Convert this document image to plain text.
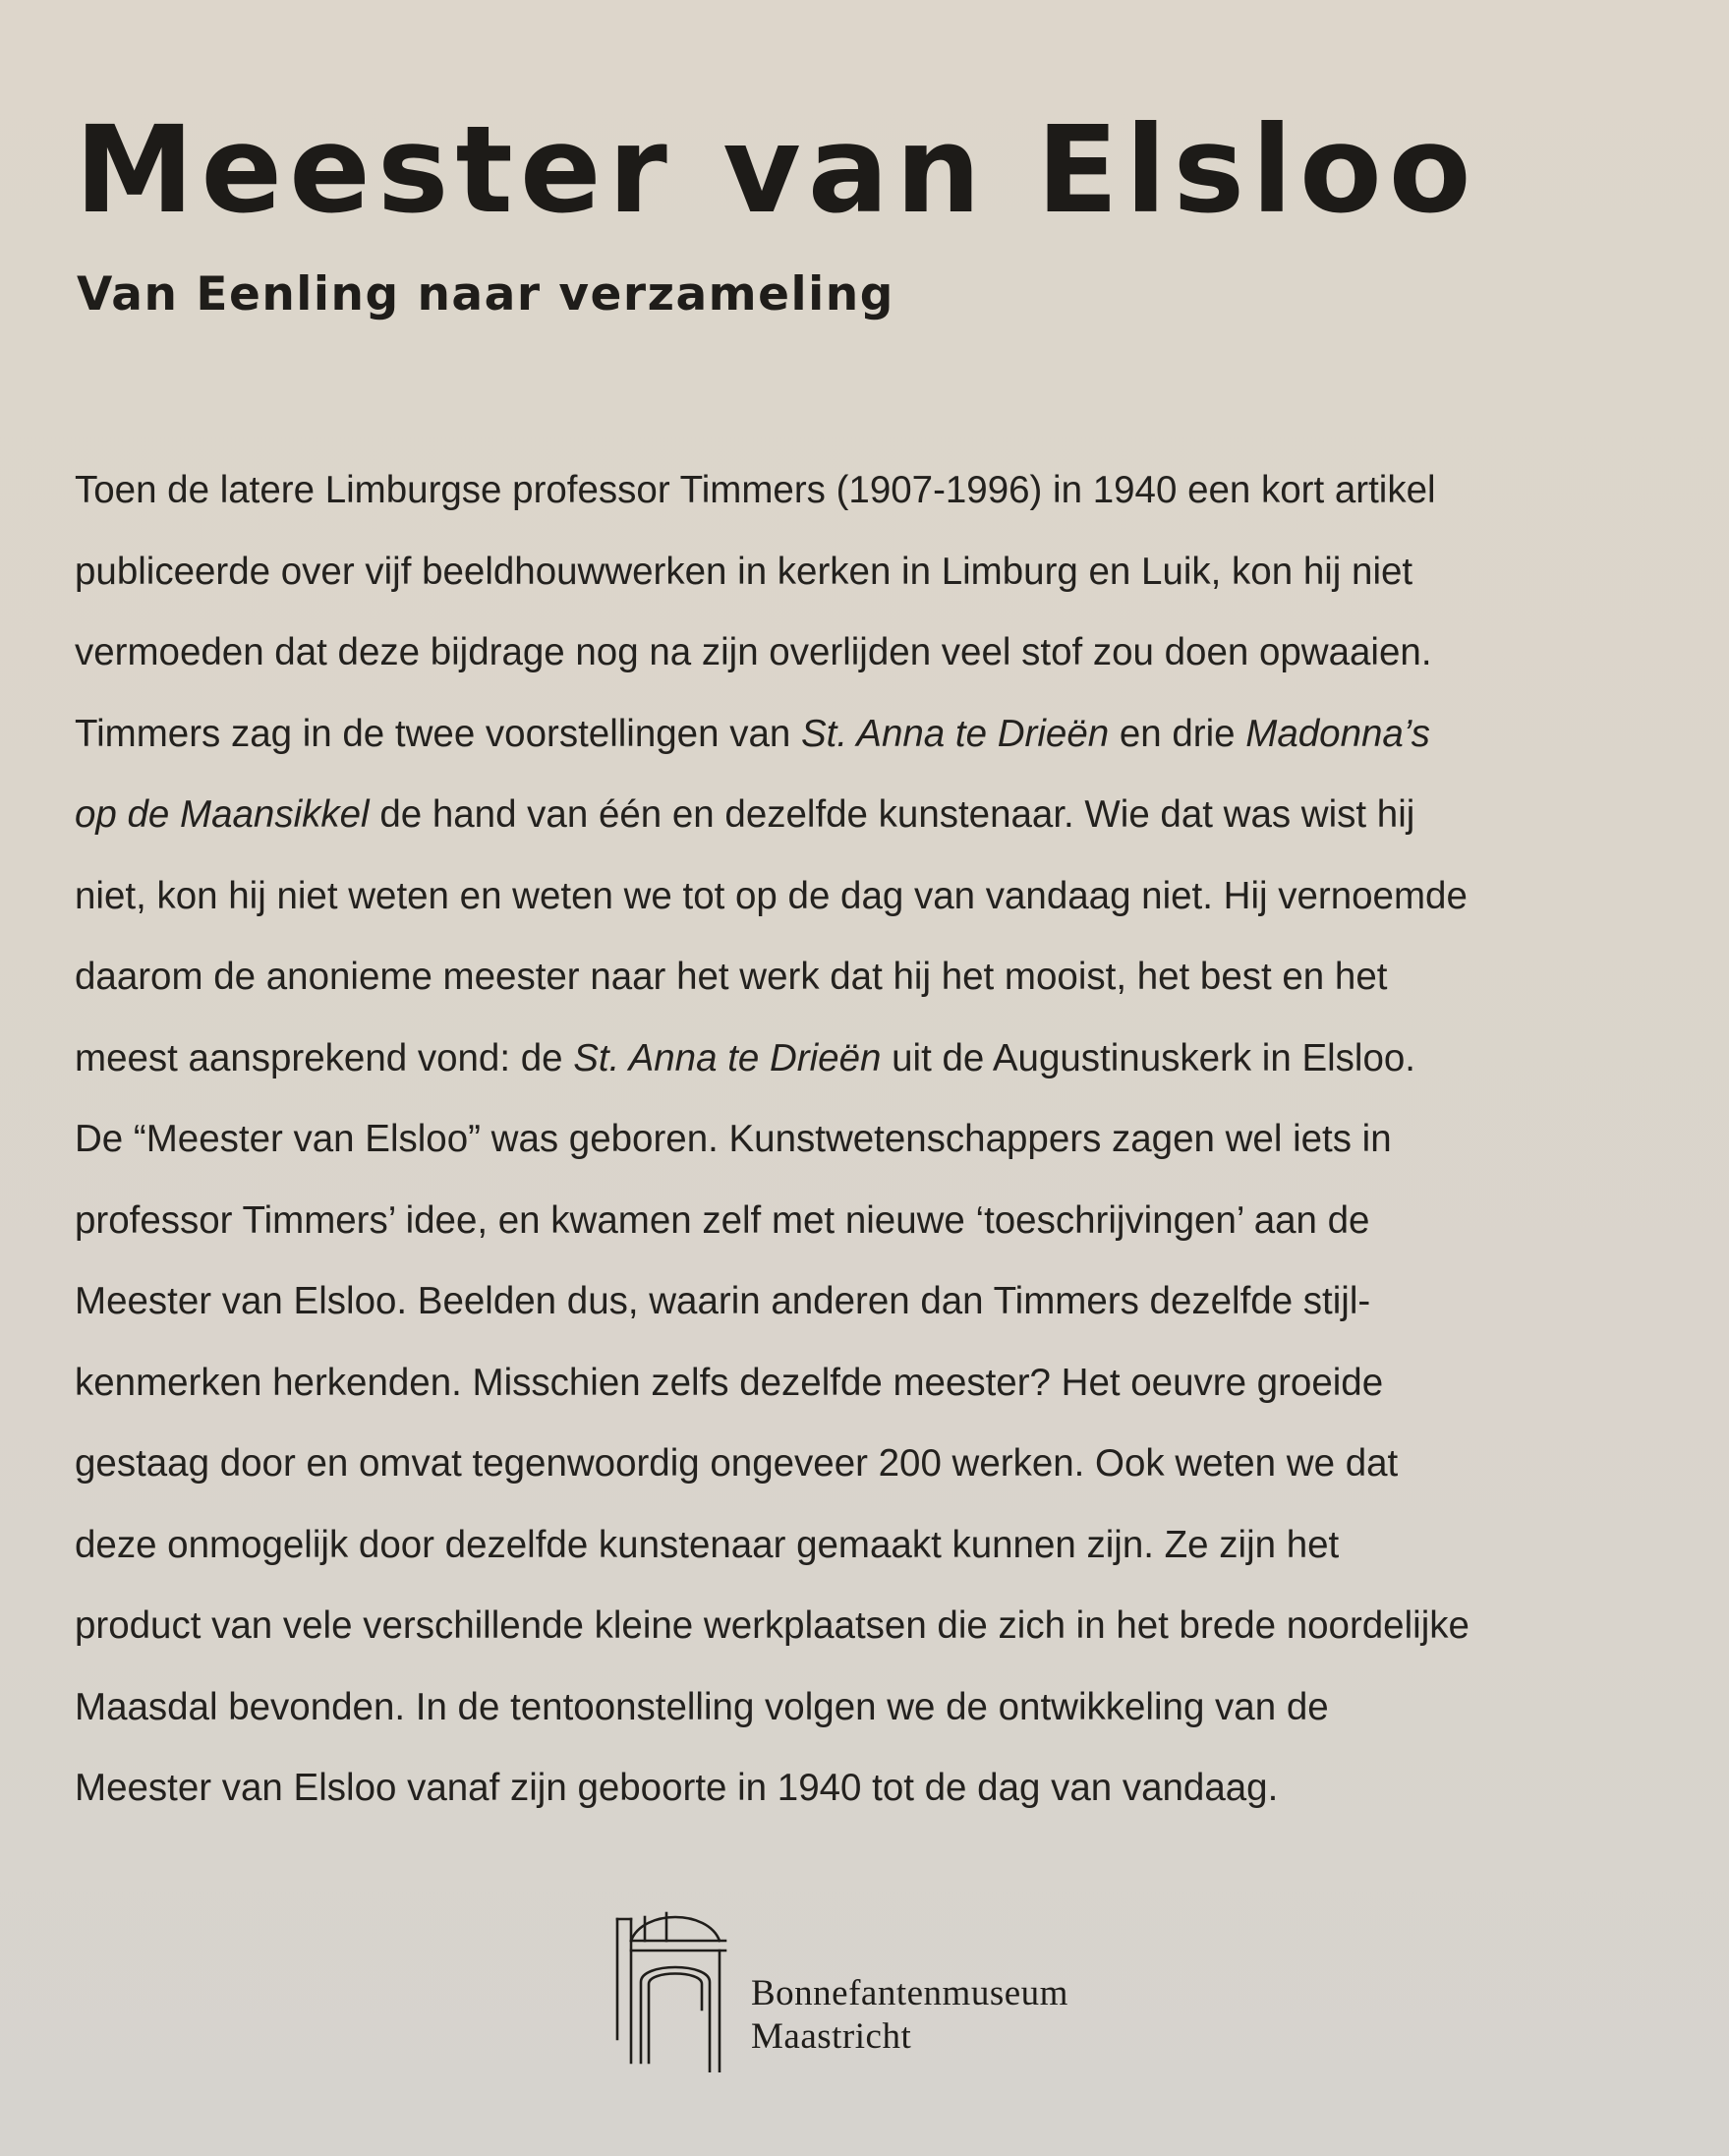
Meester van Elsloo
Van Eenling naar verzameling
Toen de latere Limburgse professor Timmers (1907-1996) in 1940 een kort artikel
publiceerde over vijf beeldhouwwerken in kerken in Limburg en Luik, kon hij niet
vermoeden dat deze bijdrage nog na zijn overlijden veel stof zou doen opwaaien.
Timmers zag in de twee voorstellingen van St. Anna te Drieën en drie Madonna’s
op de Maansikkel de hand van één en dezelfde kunstenaar. Wie dat was wist hij
niet, kon hij niet weten en weten we tot op de dag van vandaag niet. Hij vernoemde
daarom de anonieme meester naar het werk dat hij het mooist, het best en het
meest aansprekend vond: de St. Anna te Drieën uit de Augustinuskerk in Elsloo.
De “Meester van Elsloo” was geboren. Kunstwetenschappers zagen wel iets in
professor Timmers’ idee, en kwamen zelf met nieuwe ‘toeschrijvingen’ aan de
Meester van Elsloo. Beelden dus, waarin anderen dan Timmers dezelfde stijl-
kenmerken herkenden. Misschien zelfs dezelfde meester? Het oeuvre groeide
gestaag door en omvat tegenwoordig ongeveer 200 werken. Ook weten we dat
deze onmogelijk door dezelfde kunstenaar gemaakt kunnen zijn. Ze zijn het
product van vele verschillende kleine werkplaatsen die zich in het brede noordelijke
Maasdal bevonden. In de tentoonstelling volgen we de ontwikkeling van de
Meester van Elsloo vanaf zijn geboorte in 1940 tot de dag van vandaag.
Bonnefantenmuseum
Maastricht
